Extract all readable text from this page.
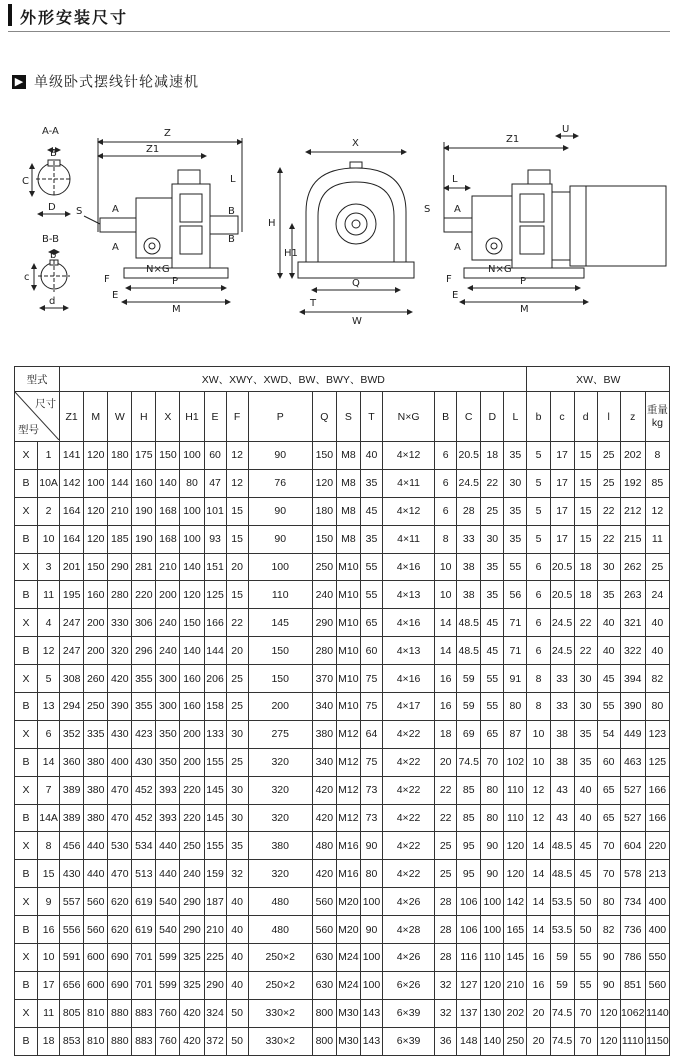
外形安装尺寸
▶ 单级卧式摆线针轮减速机
A-A
B
C
D
B-B
b
c
d
Z
Z1
P
M
S	A
A
B
B
L
N×G
F
E
X
H
H1
Q
W
T
Z1
U
P
M
L
S A
A
N×G
F
E
型式		XW、XWY、XWD、BW、BWY、BWD																	XW、BW					

尺寸
型号		Z1	M	W	H	X	H1	E	F	P	Q	S	T	N×G	B	C	D	L	b	c	d	l	z	重量
kg
X	1	141	120	180	175	150	100	60	12	90	150	M8	40	4×12	6	20.5	18	35	5	17	15	25	202	8
B	10A	142	100	144	160	140	80	47	12	76	120	M8	35	4×11	6	24.5	22	30	5	17	15	25	192	85
X	2	164	120	210	190	168	100	101	15	90	180	M8	45	4×12	6	28	25	35	5	17	15	22	212	12
B	10	164	120	185	190	168	100	93	15	90	150	M8	35	4×11	8	33	30	35	5	17	15	22	215	11
X	3	201	150	290	281	210	140	151	20	100	250	M10	55	4×16	10	38	35	55	6	20.5	18	30	262	25
B	11	195	160	280	220	200	120	125	15	110	240	M10	55	4×13	10	38	35	56	6	20.5	18	35	263	24
X	4	247	200	330	306	240	150	166	22	145	290	M10	65	4×16	14	48.5	45	71	6	24.5	22	40	321	40
B	12	247	200	320	296	240	140	144	20	150	280	M10	60	4×13	14	48.5	45	71	6	24.5	22	40	322	40
X	5	308	260	420	355	300	160	206	25	150	370	M10	75	4×16	16	59	55	91	8	33	30	45	394	82
B	13	294	250	390	355	300	160	158	25	200	340	M10	75	4×17	16	59	55	80	8	33	30	55	390	80
X	6	352	335	430	423	350	200	133	30	275	380	M12	64	4×22	18	69	65	87	10	38	35	54	449	123
B	14	360	380	400	430	350	200	155	25	320	340	M12	75	4×22	20	74.5	70	102	10	38	35	60	463	125
X	7	389	380	470	452	393	220	145	30	320	420	M12	73	4×22	22	85	80	110	12	43	40	65	527	166
B	14A	389	380	470	452	393	220	145	30	320	420	M12	73	4×22	22	85	80	110	12	43	40	65	527	166
X	8	456	440	530	534	440	250	155	35	380	480	M16	90	4×22	25	95	90	120	14	48.5	45	70	604	220
B	15	430	440	470	513	440	240	159	32	320	420	M16	80	4×22	25	95	90	120	14	48.5	45	70	578	213
X	9	557	560	620	619	540	290	187	40	480	560	M20	100	4×26	28	106	100	142	14	53.5	50	80	734	400
B	16	556	560	620	619	540	290	210	40	480	560	M20	90	4×28	28	106	100	165	14	53.5	50	82	736	400
X	10	591	600	690	701	599	325	225	40	250×2	630	M24	100	4×26	28	116	110	145	16	59	55	90	786	550
B	17	656	600	690	701	599	325	290	40	250×2	630	M24	100	6×26	32	127	120	210	16	59	55	90	851	560
X	11	805	810	880	883	760	420	324	50	330×2	800	M30	143	6×39	32	137	130	202	20	74.5	70	120	1062	1140
B	18	853	810	880	883	760	420	372	50	330×2	800	M30	143	6×39	36	148	140	250	20	74.5	70	120	1110	1150
